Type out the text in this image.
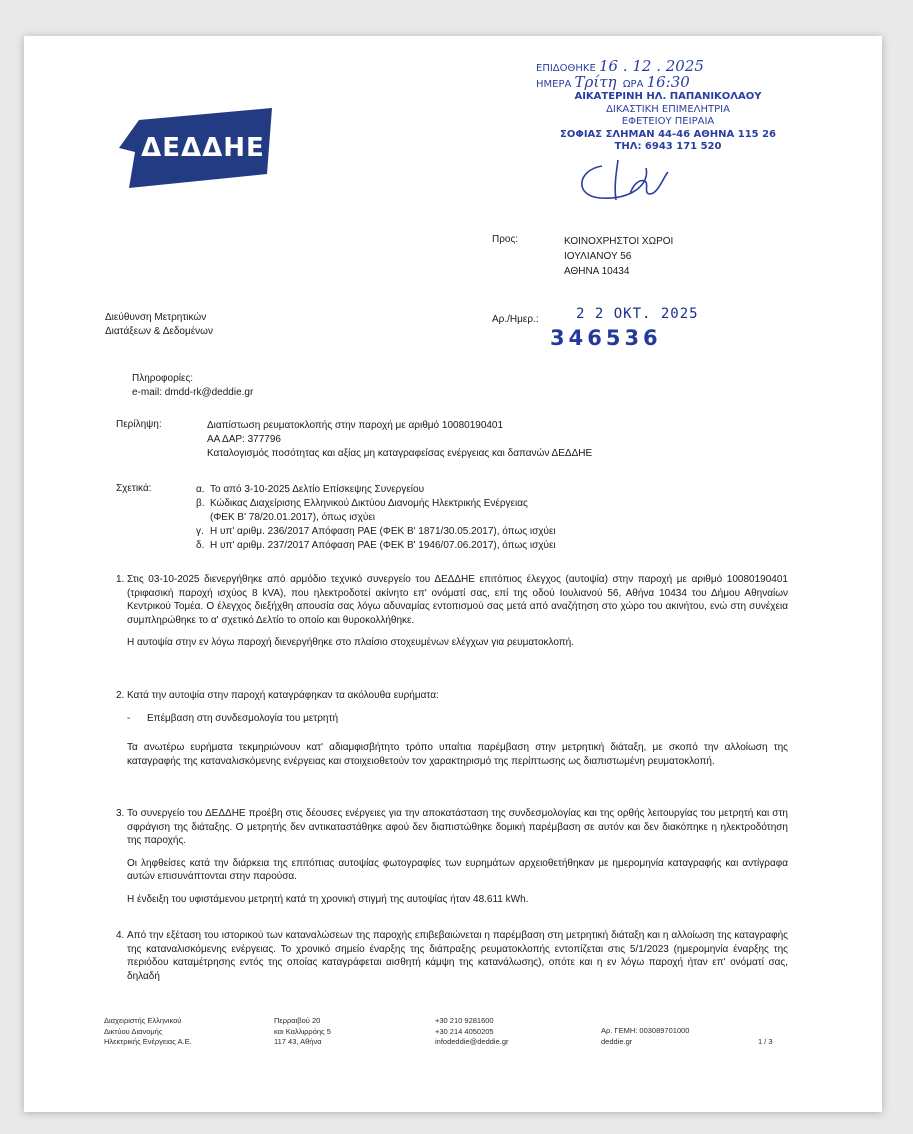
ΔΕΔΔΗΕ
ΕΠΙΔΟΘΗΚΕ 16 . 12 . 2025
ΗΜΕΡΑ Τρίτη ΩΡΑ 16:30
ΑΙΚΑΤΕΡΙΝΗ ΗΛ. ΠΑΠΑΝΙΚΟΛΑΟΥ
ΔΙΚΑΣΤΙΚΗ ΕΠΙΜΕΛΗΤΡΙΑ
ΕΦΕΤΕΙΟΥ ΠΕΙΡΑΙΑ
ΣΟΦΙΑΣ ΣΛΗΜΑΝ 44-46 ΑΘΗΝΑ 115 26
ΤΗΛ: 6943 171 520
Προς:	ΚΟΙΝΟΧΡΗΣΤΟΙ ΧΩΡΟΙ
ΙΟΥΛΙΑΝΟΥ 56
ΑΘΗΝΑ 10434
Διεύθυνση Μετρητικών
Διατάξεων & Δεδομένων
Αρ./Ημερ.:	2 2 ΟΚΤ. 2025
346536
Πληροφορίες:
e-mail: dmdd-rk@deddie.gr
Περίληψη:	Διαπίστωση ρευματοκλοπής στην παροχή με αριθμό 10080190401
ΑΑ ΔΑΡ: 377796
Καταλογισμός ποσότητας και αξίας μη καταγραφείσας ενέργειας και δαπανών ΔΕΔΔΗΕ
Σχετικά:	α. Το από 3-10-2025 Δελτίο Επίσκεψης Συνεργείου
β. Κώδικας Διαχείρισης Ελληνικού Δικτύου Διανομής Ηλεκτρικής Ενέργειας
(ΦΕΚ Β' 78/20.01.2017), όπως ισχύει
γ. Η υπ' αριθμ. 236/2017 Απόφαση ΡΑΕ (ΦΕΚ Β' 1871/30.05.2017), όπως ισχύει
δ. Η υπ' αριθμ. 237/2017 Απόφαση ΡΑΕ (ΦΕΚ Β' 1946/07.06.2017), όπως ισχύει
1. Στις 03-10-2025 διενεργήθηκε από αρμόδιο τεχνικό συνεργείο του ΔΕΔΔΗΕ επιτόπιος έλεγχος (αυτοψία) στην παροχή με αριθμό 10080190401 (τριφασική παροχή ισχύος 8 kVA), που ηλεκτροδοτεί ακίνητο επ' ονόματί σας, επί της οδού Ιουλιανού 56, Αθήνα 10434 του Δήμου Αθηναίων Κεντρικού Τομέα. Ο έλεγχος διεξήχθη απουσία σας λόγω αδυναμίας εντοπισμού σας μετά από αναζήτηση στο χώρο του ακινήτου, ενώ στη συνέχεια συμπληρώθηκε το α' σχετικό Δελτίο το οποίο και θυροκολλήθηκε.
Η αυτοψία στην εν λόγω παροχή διενεργήθηκε στο πλαίσιο στοχευμένων ελέγχων για ρευματοκλοπή.
2. Κατά την αυτοψία στην παροχή καταγράφηκαν τα ακόλουθα ευρήματα:
-	Επέμβαση στη συνδεσμολογία του μετρητή
Τα ανωτέρω ευρήματα τεκμηριώνουν κατ' αδιαμφισβήτητο τρόπο υπαίτια παρέμβαση στην μετρητική διάταξη, με σκοπό την αλλοίωση της καταγραφής της καταναλισκόμενης ενέργειας και στοιχειοθετούν τον χαρακτηρισμό της περίπτωσης ως διαπιστωμένη ρευματοκλοπή.
3. Το συνεργείο του ΔΕΔΔΗΕ προέβη στις δέουσες ενέργειες για την αποκατάσταση της συνδεσμολογίας και της ορθής λειτουργίας του μετρητή και στη σφράγιση της διάταξης. Ο μετρητής δεν αντικαταστάθηκε αφού δεν διαπιστώθηκε δομική παρέμβαση σε αυτόν και δεν διακόπηκε η ηλεκτροδότηση της παροχής.
Οι ληφθείσες κατά την διάρκεια της επιτόπιας αυτοψίας φωτογραφίες των ευρημάτων αρχειοθετήθηκαν με ημερομηνία καταγραφής και αντίγραφα αυτών επισυνάπτονται στην παρούσα.
Η ένδειξη του υφιστάμενου μετρητή κατά τη χρονική στιγμή της αυτοψίας ήταν 48.611 kWh.
4. Από την εξέταση του ιστορικού των καταναλώσεων της παροχής επιβεβαιώνεται η παρέμβαση στη μετρητική διάταξη και η αλλοίωση της καταγραφής της καταναλισκόμενης ενέργειας. Το χρονικό σημείο έναρξης της διάπραξης ρευματοκλοπής εντοπίζεται στις 5/1/2023 (ημερομηνία έναρξης της περιόδου καταμέτρησης εντός της οποίας καταγράφεται αισθητή κάμψη της κατανάλωσης), οπότε και η εν λόγω παροχή ήταν επ' ονόματί σας, δηλαδή
Διαχειριστής Ελληνικού
Δικτύου Διανομής
Ηλεκτρικής Ενέργειας Α.Ε.
Περραιβού 20
και Καλλιρρόης 5
117 43, Αθήνα
+30 210 9281600
+30 214 4050205
infodeddie@deddie.gr
Αρ. ΓΕΜΗ: 003089701000
deddie.gr	1 / 3
